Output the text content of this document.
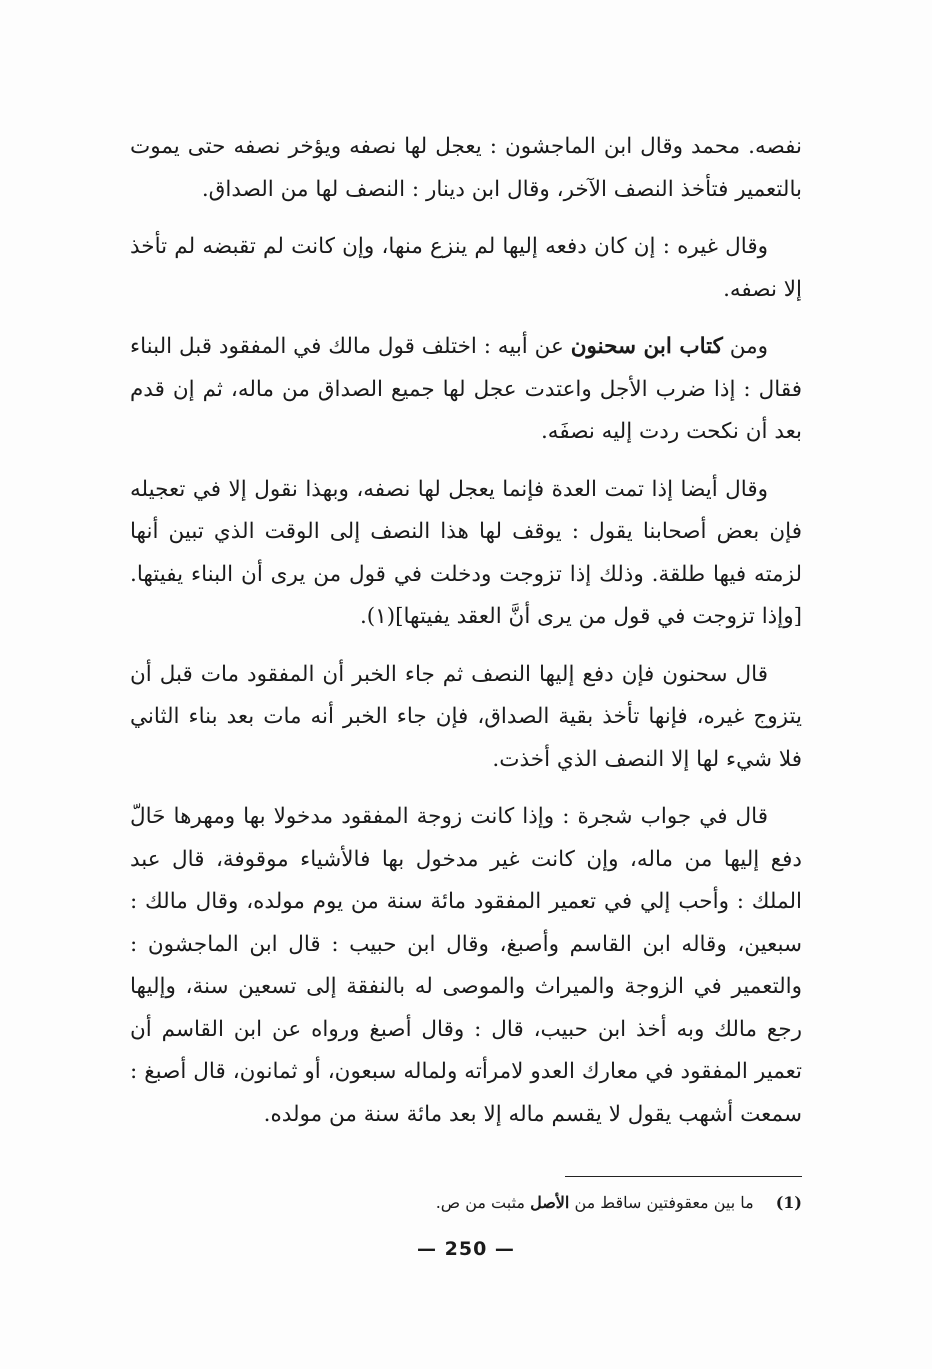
نفصه. محمد وقال ابن الماجشون : يعجل لها نصفه ويؤخر نصفه حتى يموت بالتعمير فتأخذ النصف الآخر، وقال ابن دينار : النصف لها من الصداق.

وقال غيره : إن كان دفعه إليها لم ينزع منها، وإن كانت لم تقبضه لم تأخذ إلا نصفه.

ومن كتاب ابن سحنون عن أبيه : اختلف قول مالك في المفقود قبل البناء فقال : إذا ضرب الأجل واعتدت عجل لها جميع الصداق من ماله، ثم إن قدم بعد أن نكحت ردت إليه نصفَه.

وقال أيضا إذا تمت العدة فإنما يعجل لها نصفه، وبهذا نقول إلا في تعجيله فإن بعض أصحابنا يقول : يوقف لها هذا النصف إلى الوقت الذي تبين أنها لزمته فيها طلقة. وذلك إذا تزوجت ودخلت في قول من يرى أن البناء يفيتها. [وإذا تزوجت في قول من يرى أنَّ العقد يفيتها](١).

قال سحنون فإن دفع إليها النصف ثم جاء الخبر أن المفقود مات قبل أن يتزوج غيره، فإنها تأخذ بقية الصداق، فإن جاء الخبر أنه مات بعد بناء الثاني فلا شيء لها إلا النصف الذي أخذت.

قال في جواب شجرة : وإذا كانت زوجة المفقود مدخولا بها ومهرها حَالّ دفع إليها من ماله، وإن كانت غير مدخول بها فالأشياء موقوفة، قال عبد الملك : وأحب إلي في تعمير المفقود مائة سنة من يوم مولده، وقال مالك : سبعين، وقاله ابن القاسم وأصبغ، وقال ابن حبيب : قال ابن الماجشون : والتعمير في الزوجة والميراث والموصى له بالنفقة إلى تسعين سنة، وإليها رجع مالك وبه أخذ ابن حبيب، قال : وقال أصبغ ورواه عن ابن القاسم أن تعمير المفقود في معارك العدو لامرأته ولماله سبعون، أو ثمانون، قال أصبغ : سمعت أشهب يقول لا يقسم ماله إلا بعد مائة سنة من مولده.

(1)ما بين معقوفتين ساقط من الأصل مثبت من ص.
— 250 —
